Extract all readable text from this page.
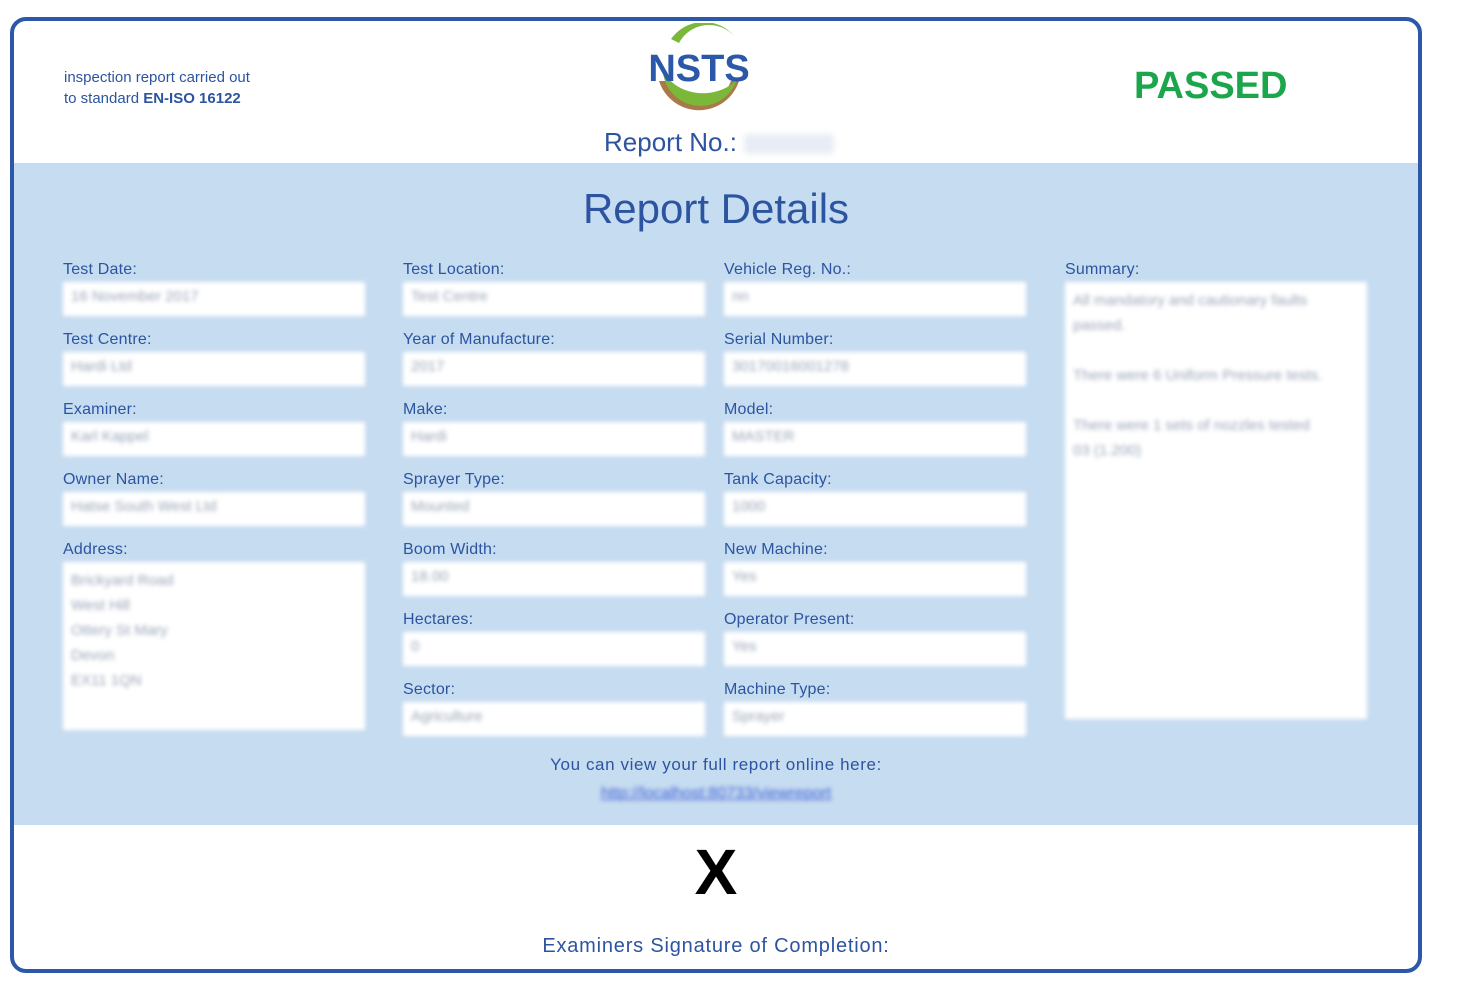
inspection report carried out
to standard EN-ISO 16122
NSTS
Report No.:
PASSED
Report Details
Test Date:
16 November 2017
Test Centre:
Hardi Ltd
Examiner:
Karl Kappel
Owner Name:
Hatse South West Ltd
Address:
Brickyard Road
West Hill
Ottery St Mary
Devon
EX11 1QN
Test Location:
Test Centre
Year of Manufacture:
2017
Make:
Hardi
Sprayer Type:
Mounted
Boom Width:
18.00
Hectares:
0
Sector:
Agriculture
Vehicle Reg. No.:
nn
Serial Number:
30170016001278
Model:
MASTER
Tank Capacity:
1000
New Machine:
Yes
Operator Present:
Yes
Machine Type:
Sprayer
Summary:
All mandatory and cautionary faults passed.

There were 6 Uniform Pressure tests.

There were 1 sets of nozzles tested
03 (1.200)
You can view your full report online here:
http://localhost:80733/viewreport
X
Examiners Signature of Completion:
